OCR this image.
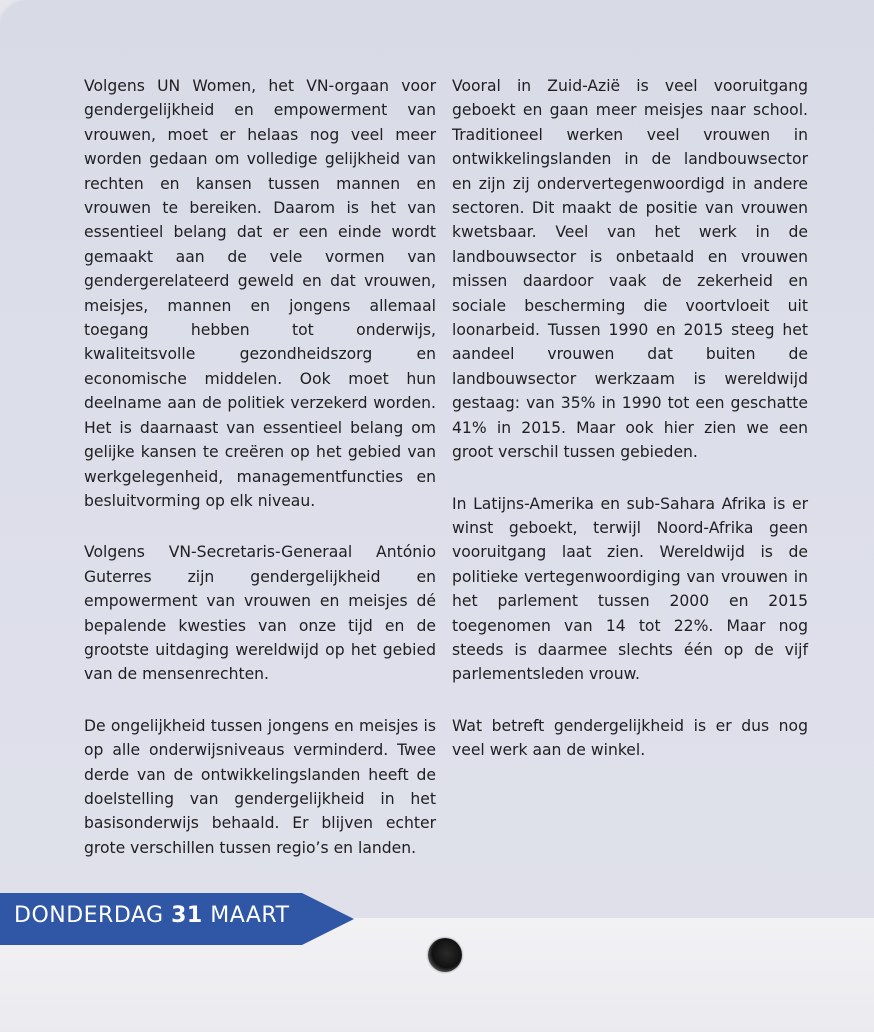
Volgens UN Women, het VN-orgaan voor gendergelijkheid en empowerment van vrouwen, moet er helaas nog veel meer worden gedaan om volledige gelijkheid van rechten en kansen tussen mannen en vrouwen te bereiken. Daarom is het van essentieel belang dat er een einde wordt gemaakt aan de vele vormen van gendergerelateerd geweld en dat vrouwen, meisjes, mannen en jongens allemaal toegang hebben tot onderwijs, kwaliteitsvolle gezondheidszorg en economische middelen. Ook moet hun deelname aan de politiek verzekerd worden. Het is daarnaast van essentieel belang om gelijke kansen te creëren op het gebied van werkgelegenheid, managementfuncties en besluitvorming op elk niveau.

Volgens VN-Secretaris-Generaal António Guterres zijn gendergelijkheid en empowerment van vrouwen en meisjes dé bepalende kwesties van onze tijd en de grootste uitdaging wereldwijd op het gebied van de mensenrechten.

De ongelijkheid tussen jongens en meisjes is op alle onderwijsniveaus verminderd. Twee derde van de ontwikkelingslanden heeft de doelstelling van gendergelijkheid in het basisonderwijs behaald. Er blijven echter grote verschillen tussen regio’s en landen.

Vooral in Zuid-Azië is veel vooruitgang geboekt en gaan meer meisjes naar school. Traditioneel werken veel vrouwen in ontwikkelingslanden in de landbouwsector en zijn zij ondervertegenwoordigd in andere sectoren. Dit maakt de positie van vrouwen kwetsbaar. Veel van het werk in de landbouwsector is onbetaald en vrouwen missen daardoor vaak de zekerheid en sociale bescherming die voortvloeit uit loonarbeid. Tussen 1990 en 2015 steeg het aandeel vrouwen dat buiten de landbouwsector werkzaam is wereldwijd gestaag: van 35% in 1990 tot een geschatte 41% in 2015. Maar ook hier zien we een groot verschil tussen gebieden.

In Latijns-Amerika en sub-Sahara Afrika is er winst geboekt, terwijl Noord-Afrika geen vooruitgang laat zien. Wereldwijd is de politieke vertegenwoordiging van vrouwen in het parlement tussen 2000 en 2015 toegenomen van 14 tot 22%. Maar nog steeds is daarmee slechts één op de vijf parlementsleden vrouw.

Wat betreft gendergelijkheid is er dus nog veel werk aan de winkel.

DONDERDAG 31 MAART
